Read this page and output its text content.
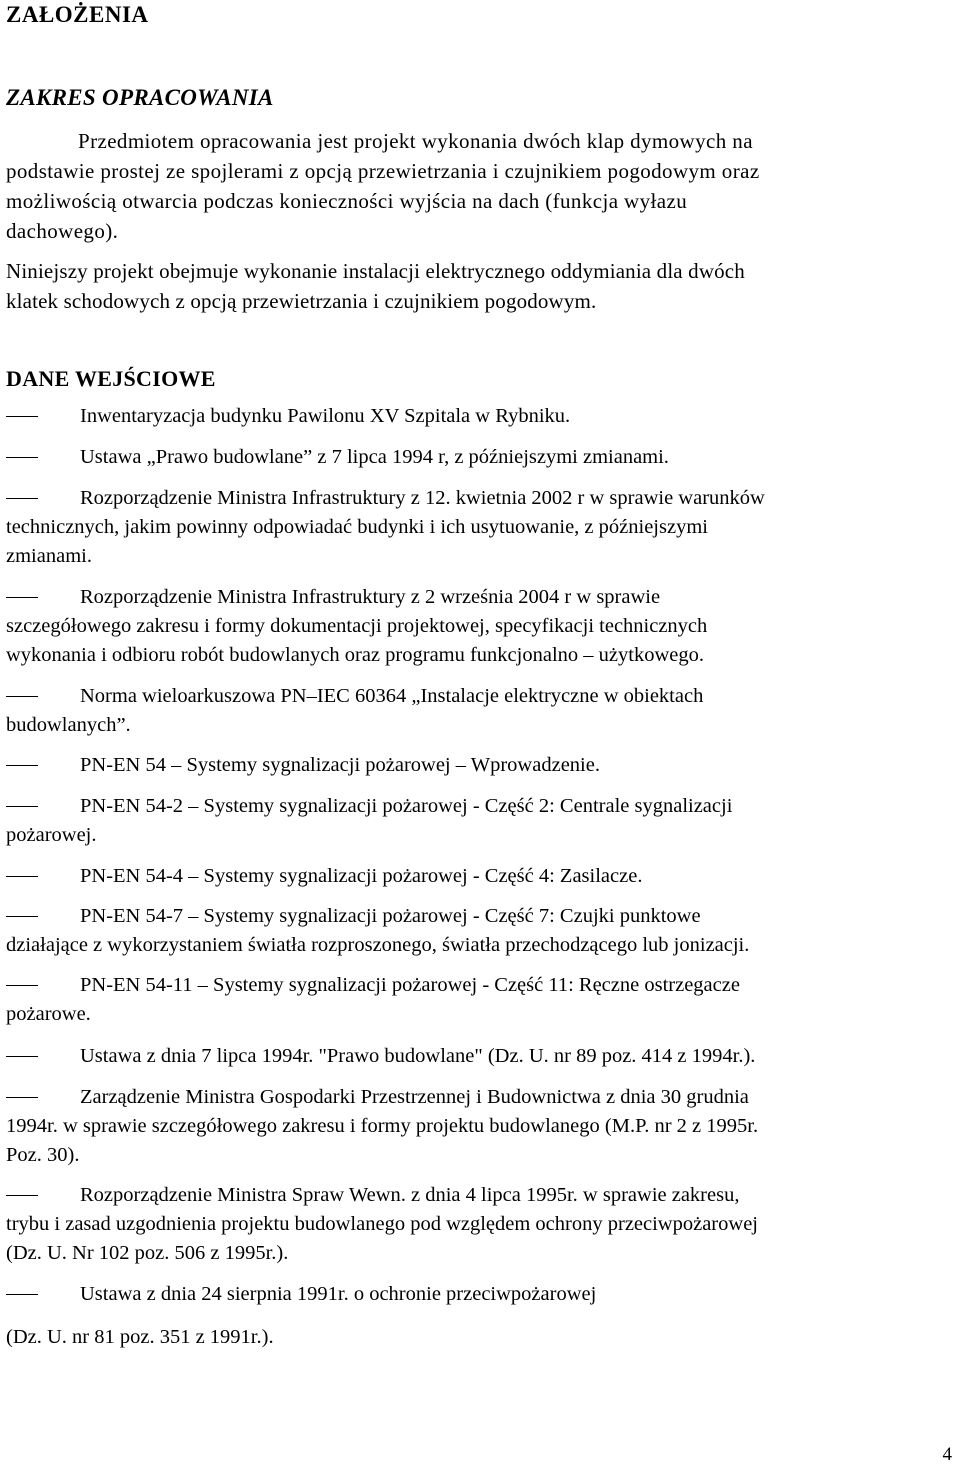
ZAŁOŻENIA
ZAKRES OPRACOWANIA
Przedmiotem opracowania jest projekt wykonania dwóch klap dymowych na
podstawie prostej ze spojlerami z opcją przewietrzania i czujnikiem pogodowym oraz
możliwością otwarcia podczas konieczności wyjścia na dach (funkcja wyłazu
dachowego).
Niniejszy projekt obejmuje wykonanie instalacji elektrycznego oddymiania dla dwóch
klatek schodowych z opcją przewietrzania i czujnikiem pogodowym.
DANE WEJŚCIOWE
Inwentaryzacja budynku Pawilonu XV Szpitala w Rybniku.
Ustawa „Prawo budowlane” z 7 lipca 1994 r, z późniejszymi zmianami.
Rozporządzenie Ministra Infrastruktury z 12. kwietnia 2002 r w sprawie warunków
technicznych, jakim powinny odpowiadać budynki i ich usytuowanie, z późniejszymi
zmianami.
Rozporządzenie Ministra Infrastruktury z 2 września 2004 r w sprawie
szczegółowego zakresu i formy dokumentacji projektowej, specyfikacji technicznych
wykonania i odbioru robót budowlanych oraz programu funkcjonalno – użytkowego.
Norma wieloarkuszowa PN–IEC 60364 „Instalacje elektryczne w obiektach
budowlanych”.
PN-EN 54 – Systemy sygnalizacji pożarowej – Wprowadzenie.
PN-EN 54-2 – Systemy sygnalizacji pożarowej - Część 2: Centrale sygnalizacji
pożarowej.
PN-EN 54-4 – Systemy sygnalizacji pożarowej - Część 4: Zasilacze.
PN-EN 54-7 – Systemy sygnalizacji pożarowej - Część 7: Czujki punktowe
działające z wykorzystaniem światła rozproszonego, światła przechodzącego lub jonizacji.
PN-EN 54-11 – Systemy sygnalizacji pożarowej - Część 11: Ręczne ostrzegacze
pożarowe.
Ustawa z dnia 7 lipca 1994r. "Prawo budowlane" (Dz. U. nr 89 poz. 414 z 1994r.).
Zarządzenie Ministra Gospodarki Przestrzennej i Budownictwa z dnia 30 grudnia
1994r. w sprawie szczegółowego zakresu i formy projektu budowlanego (M.P. nr 2 z 1995r.
Poz. 30).
Rozporządzenie Ministra Spraw Wewn. z dnia 4 lipca 1995r. w sprawie zakresu,
trybu i zasad uzgodnienia projektu budowlanego pod względem ochrony przeciwpożarowej
(Dz. U. Nr 102 poz. 506 z 1995r.).
Ustawa z dnia 24 sierpnia 1991r. o ochronie przeciwpożarowej
(Dz. U. nr 81 poz. 351 z 1991r.).
4
